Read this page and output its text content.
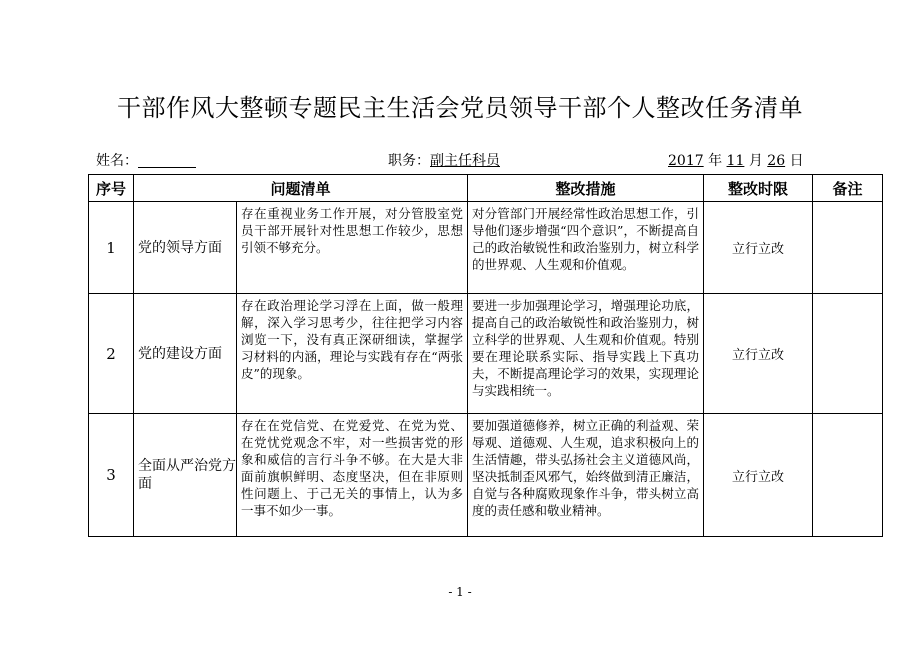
干部作风大整顿专题民主生活会党员领导干部个人整改任务清单
姓名：	职务：副主任科员	2017 年 11 月 26 日
序号	问题清单		整改措施	整改时限	备注
1	党的领导方面	存在重视业务工作开展，对分管股室党员干部开展针对性思想工作较少，思想引领不够充分。	对分管部门开展经常性政治思想工作，引导他们逐步增强“四个意识”，不断提高自己的政治敏锐性和政治鉴别力，树立科学的世界观、人生观和价值观。	立行立改	
2	党的建设方面	存在政治理论学习浮在上面，做一般理解，深入学习思考少，往往把学习内容浏览一下，没有真正深研细读，掌握学习材料的内涵，理论与实践有存在“两张皮”的现象。	要进一步加强理论学习，增强理论功底，提高自己的政治敏锐性和政治鉴别力，树立科学的世界观、人生观和价值观。特别要在理论联系实际、指导实践上下真功夫，不断提高理论学习的效果，实现理论与实践相统一。	立行立改	
3	全面从严治党方面	存在在党信党、在党爱党、在党为党、在党忧党观念不牢，对一些损害党的形象和威信的言行斗争不够。在大是大非面前旗帜鲜明、态度坚决，但在非原则性问题上、于己无关的事情上，认为多一事不如少一事。	要加强道德修养，树立正确的利益观、荣辱观、道德观、人生观，追求积极向上的生活情趣，带头弘扬社会主义道德风尚，坚决抵制歪风邪气，始终做到清正廉洁，自觉与各种腐败现象作斗争，带头树立高度的责任感和敬业精神。	立行立改	
- 1 -
